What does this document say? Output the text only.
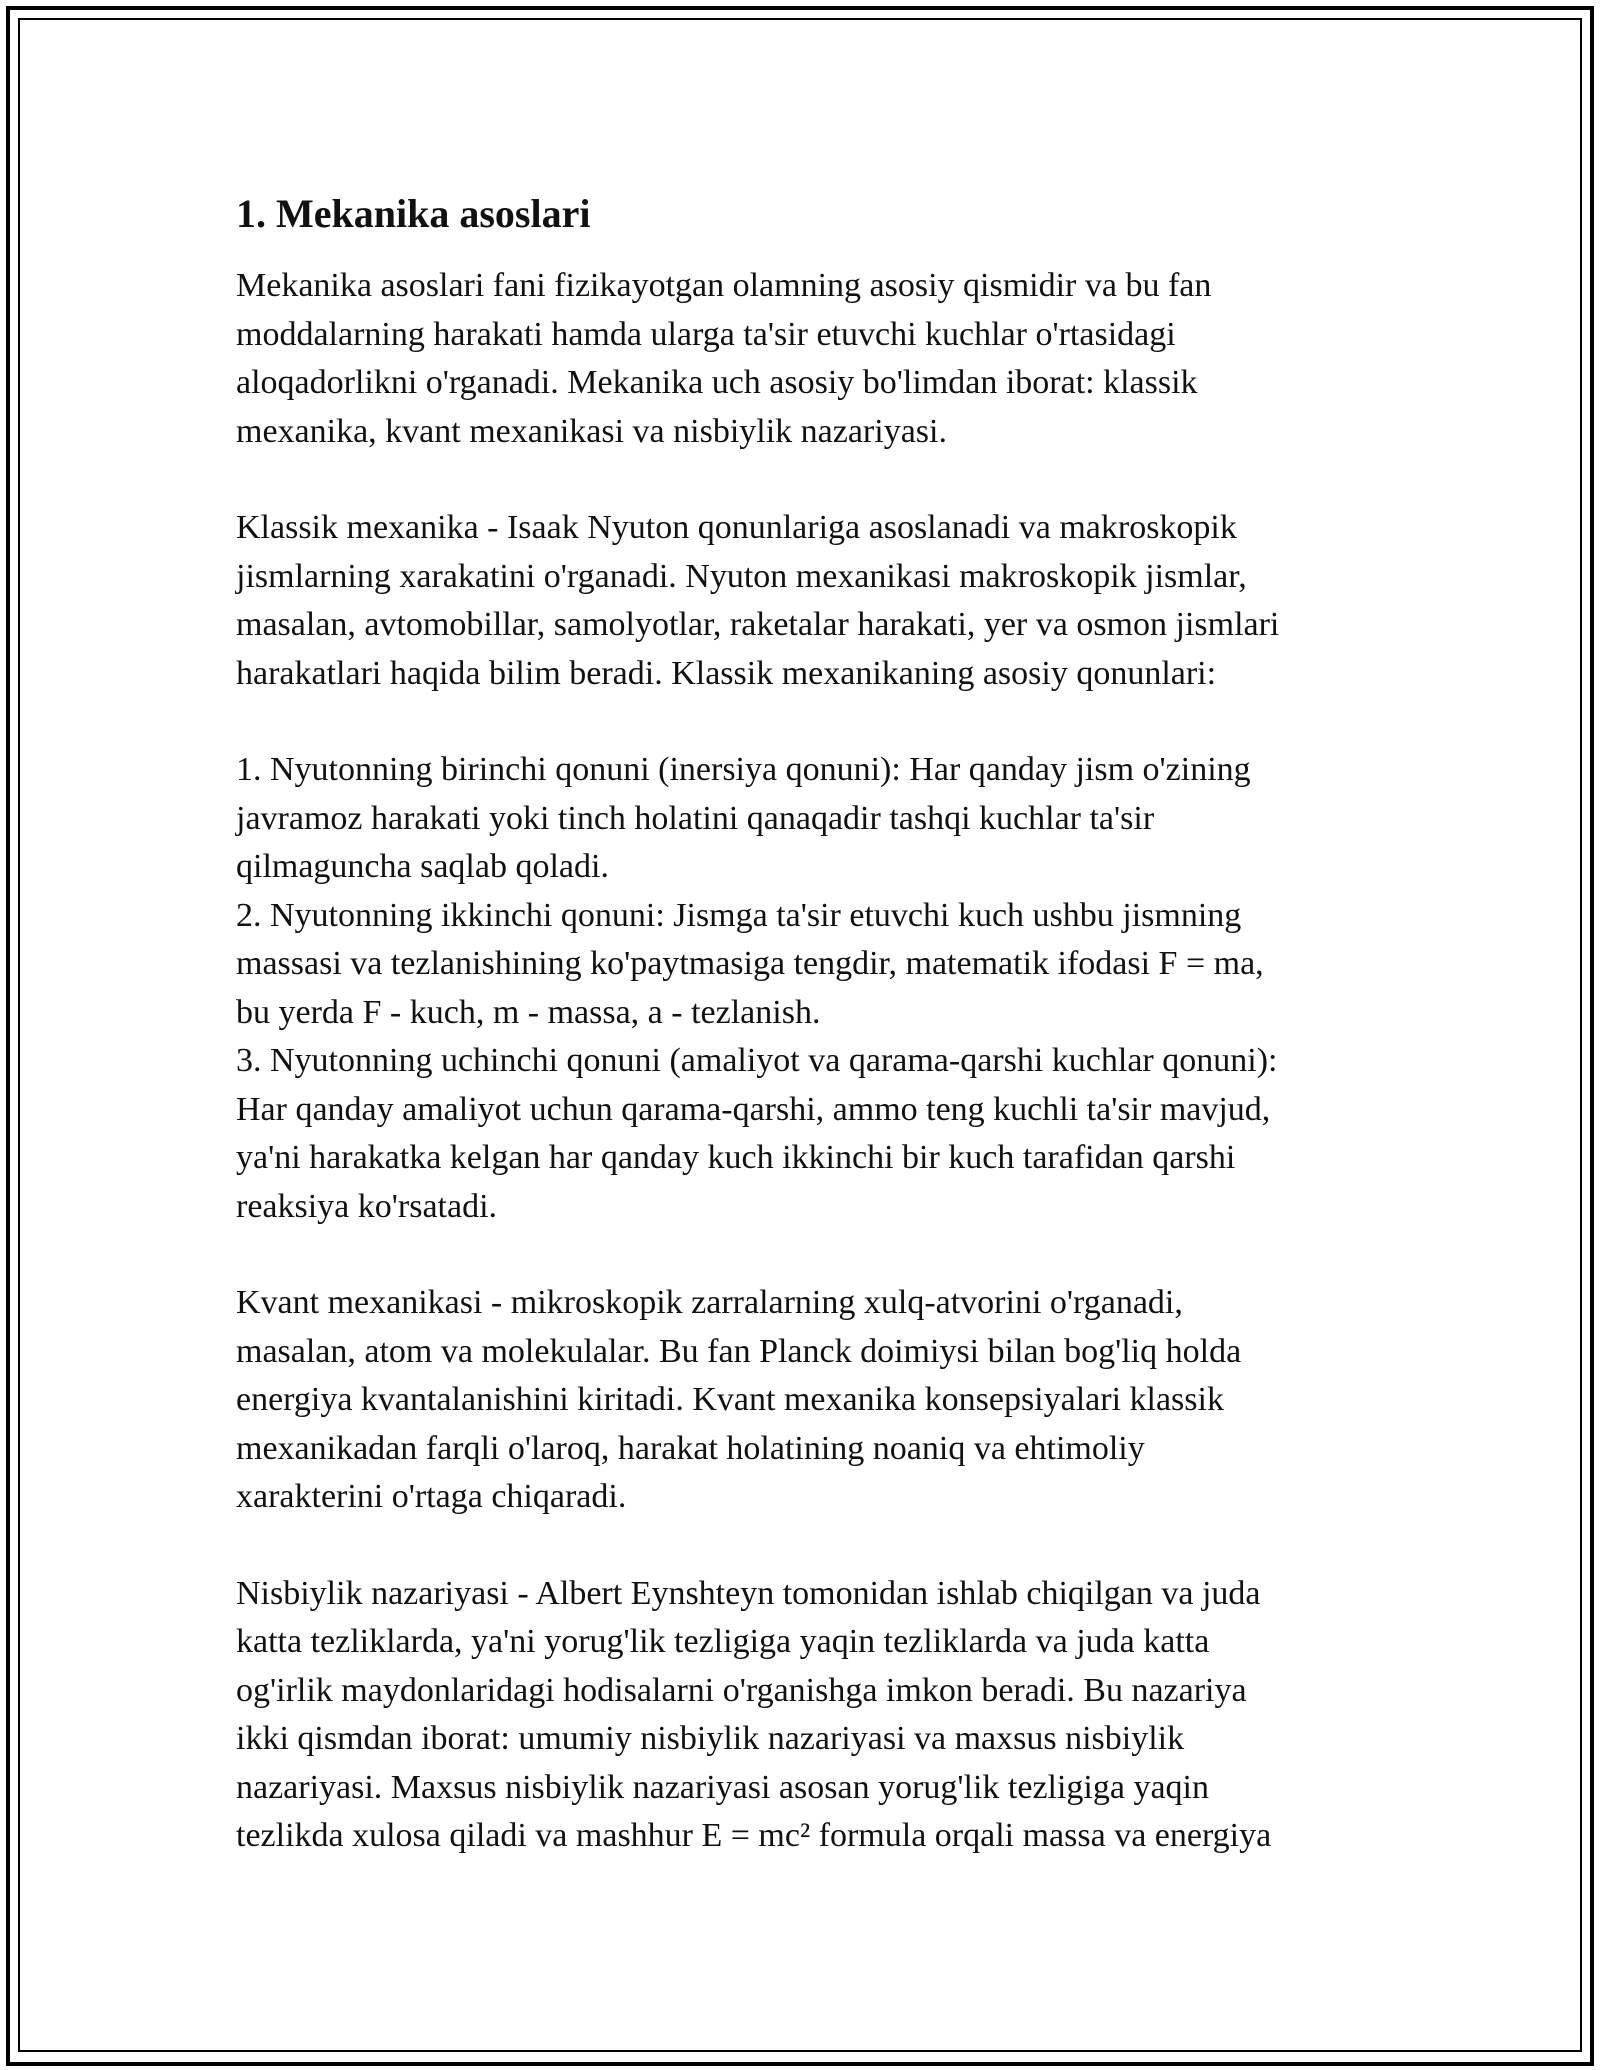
1. Mekanika asoslari

Mekanika asoslari fani fizikayotgan olamning asosiy qismidir va bu fan
moddalarning harakati hamda ularga ta'sir etuvchi kuchlar o'rtasidagi
aloqadorlikni o'rganadi. Mekanika uch asosiy bo'limdan iborat: klassik
mexanika, kvant mexanikasi va nisbiylik nazariyasi.

Klassik mexanika - Isaak Nyuton qonunlariga asoslanadi va makroskopik
jismlarning xarakatini o'rganadi. Nyuton mexanikasi makroskopik jismlar,
masalan, avtomobillar, samolyotlar, raketalar harakati, yer va osmon jismlari
harakatlari haqida bilim beradi. Klassik mexanikaning asosiy qonunlari:

1. Nyutonning birinchi qonuni (inersiya qonuni): Har qanday jism o'zining
javramoz harakati yoki tinch holatini qanaqadir tashqi kuchlar ta'sir
qilmaguncha saqlab qoladi.
2. Nyutonning ikkinchi qonuni: Jismga ta'sir etuvchi kuch ushbu jismning
massasi va tezlanishining ko'paytmasiga tengdir, matematik ifodasi F = ma,
bu yerda F - kuch, m - massa, a - tezlanish.
3. Nyutonning uchinchi qonuni (amaliyot va qarama-qarshi kuchlar qonuni):
Har qanday amaliyot uchun qarama-qarshi, ammo teng kuchli ta'sir mavjud,
ya'ni harakatka kelgan har qanday kuch ikkinchi bir kuch tarafidan qarshi
reaksiya ko'rsatadi.

Kvant mexanikasi - mikroskopik zarralarning xulq-atvorini o'rganadi,
masalan, atom va molekulalar. Bu fan Planck doimiysi bilan bog'liq holda
energiya kvantalanishini kiritadi. Kvant mexanika konsepsiyalari klassik
mexanikadan farqli o'laroq, harakat holatining noaniq va ehtimoliy
xarakterini o'rtaga chiqaradi.

Nisbiylik nazariyasi - Albert Eynshteyn tomonidan ishlab chiqilgan va juda
katta tezliklarda, ya'ni yorug'lik tezligiga yaqin tezliklarda va juda katta
og'irlik maydonlaridagi hodisalarni o'rganishga imkon beradi. Bu nazariya
ikki qismdan iborat: umumiy nisbiylik nazariyasi va maxsus nisbiylik
nazariyasi. Maxsus nisbiylik nazariyasi asosan yorug'lik tezligiga yaqin
tezlikda xulosa qiladi va mashhur E = mc² formula orqali massa va energiya
